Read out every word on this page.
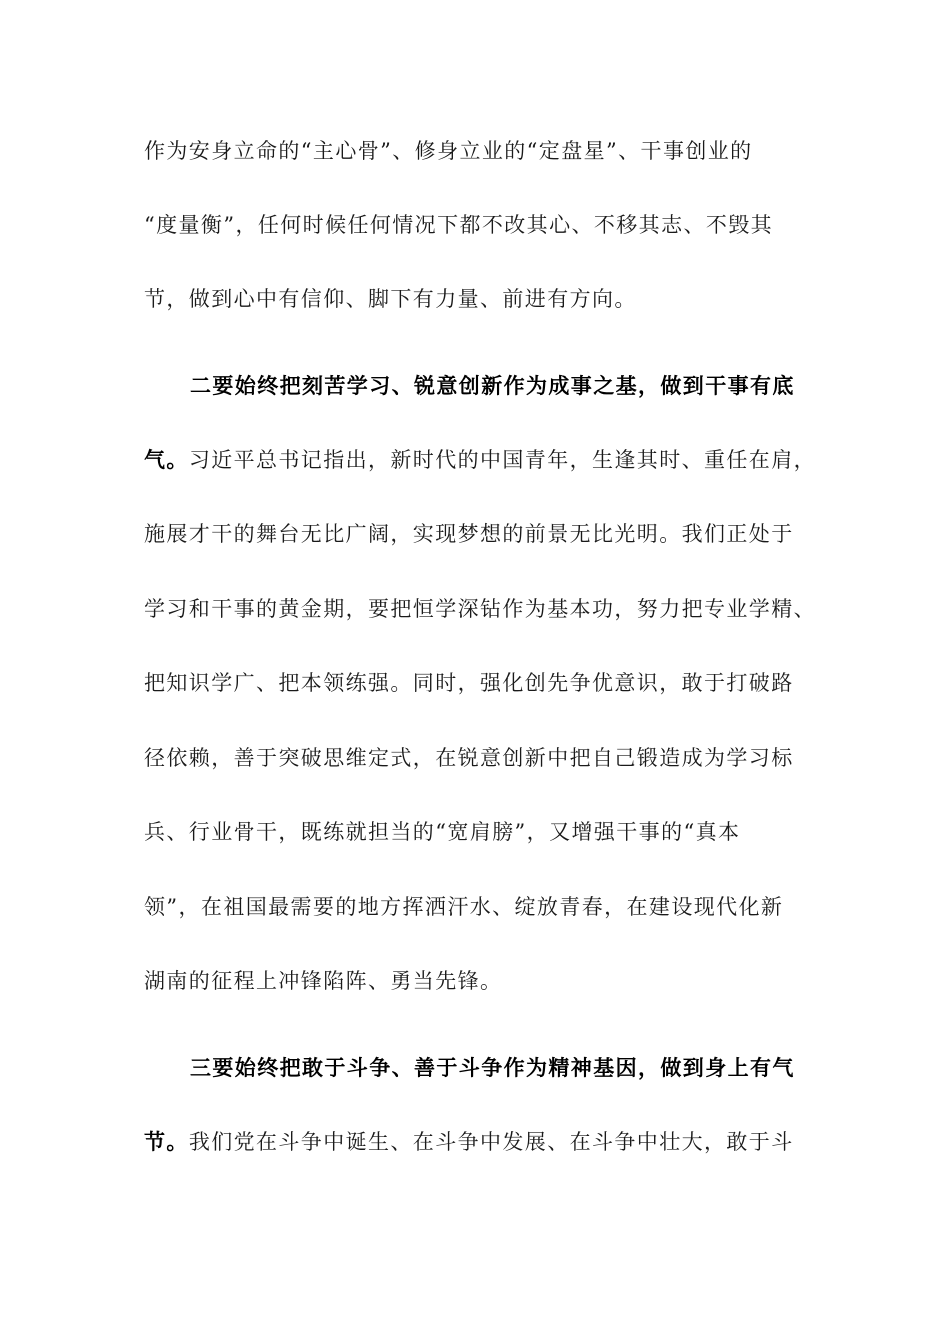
作为安身立命的“主心骨”、修身立业的“定盘星”、干事创业的
“度量衡”，任何时候任何情况下都不改其心、不移其志、不毁其
节，做到心中有信仰、脚下有力量、前进有方向。
二要始终把刻苦学习、锐意创新作为成事之基，做到干事有底
气。习近平总书记指出，新时代的中国青年，生逢其时、重任在肩，
施展才干的舞台无比广阔，实现梦想的前景无比光明。我们正处于
学习和干事的黄金期，要把恒学深钻作为基本功，努力把专业学精、
把知识学广、把本领练强。同时，强化创先争优意识，敢于打破路
径依赖，善于突破思维定式，在锐意创新中把自己锻造成为学习标
兵、行业骨干，既练就担当的“宽肩膀”，又增强干事的“真本
领”，在祖国最需要的地方挥洒汗水、绽放青春，在建设现代化新
湖南的征程上冲锋陷阵、勇当先锋。
三要始终把敢于斗争、善于斗争作为精神基因，做到身上有气
节。我们党在斗争中诞生、在斗争中发展、在斗争中壮大，敢于斗
